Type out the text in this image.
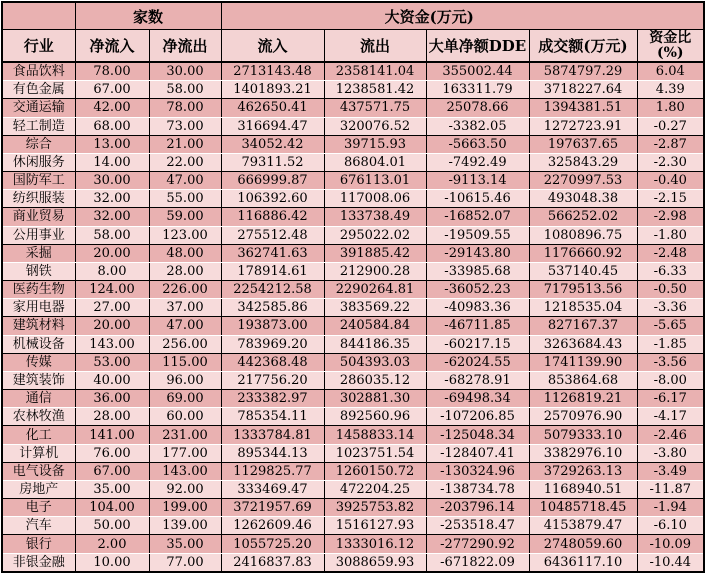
	家数		大资金(万元)				
行业	净流入	净流出	流入	流出	大单净额DDE	成交额(万元)	资金比
(%)

食品饮料	78.00	30.00	2713143.48	2358141.04	355002.44	5874797.29	6.04
有色金属	67.00	58.00	1401893.21	1238581.42	163311.79	3718227.64	4.39
交通运输	42.00	78.00	462650.41	437571.75	25078.66	1394381.51	1.80
轻工制造	68.00	73.00	316694.47	320076.52	-3382.05	1272723.91	-0.27
综合	13.00	21.00	34052.42	39715.93	-5663.50	197637.65	-2.87
休闲服务	14.00	22.00	79311.52	86804.01	-7492.49	325843.29	-2.30
国防军工	30.00	47.00	666999.87	676113.01	-9113.14	2270997.53	-0.40
纺织服装	32.00	55.00	106392.60	117008.06	-10615.46	493048.38	-2.15
商业贸易	32.00	59.00	116886.42	133738.49	-16852.07	566252.02	-2.98
公用事业	58.00	123.00	275512.48	295022.02	-19509.55	1080896.75	-1.80
采掘	20.00	48.00	362741.63	391885.42	-29143.80	1176660.92	-2.48
钢铁	8.00	28.00	178914.61	212900.28	-33985.68	537140.45	-6.33
医药生物	124.00	226.00	2254212.58	2290264.81	-36052.23	7179513.56	-0.50
家用电器	27.00	37.00	342585.86	383569.22	-40983.36	1218535.04	-3.36
建筑材料	20.00	47.00	193873.00	240584.84	-46711.85	827167.37	-5.65
机械设备	143.00	256.00	783969.20	844186.35	-60217.15	3263684.43	-1.85
传媒	53.00	115.00	442368.48	504393.03	-62024.55	1741139.90	-3.56
建筑装饰	40.00	96.00	217756.20	286035.12	-68278.91	853864.68	-8.00
通信	36.00	69.00	233382.97	302881.30	-69498.34	1126819.21	-6.17
农林牧渔	28.00	60.00	785354.11	892560.96	-107206.85	2570976.90	-4.17
化工	141.00	231.00	1333784.81	1458833.14	-125048.34	5079333.10	-2.46
计算机	76.00	177.00	895344.13	1023751.54	-128407.41	3382976.10	-3.80
电气设备	67.00	143.00	1129825.77	1260150.72	-130324.96	3729263.13	-3.49
房地产	35.00	92.00	333469.47	472204.25	-138734.78	1168940.51	-11.87
电子	104.00	199.00	3721957.69	3925753.82	-203796.14	10485718.45	-1.94
汽车	50.00	139.00	1262609.46	1516127.93	-253518.47	4153879.47	-6.10
银行	2.00	35.00	1055725.20	1333016.12	-277290.92	2748059.60	-10.09
非银金融	10.00	77.00	2416837.83	3088659.93	-671822.09	6436117.10	-10.44
